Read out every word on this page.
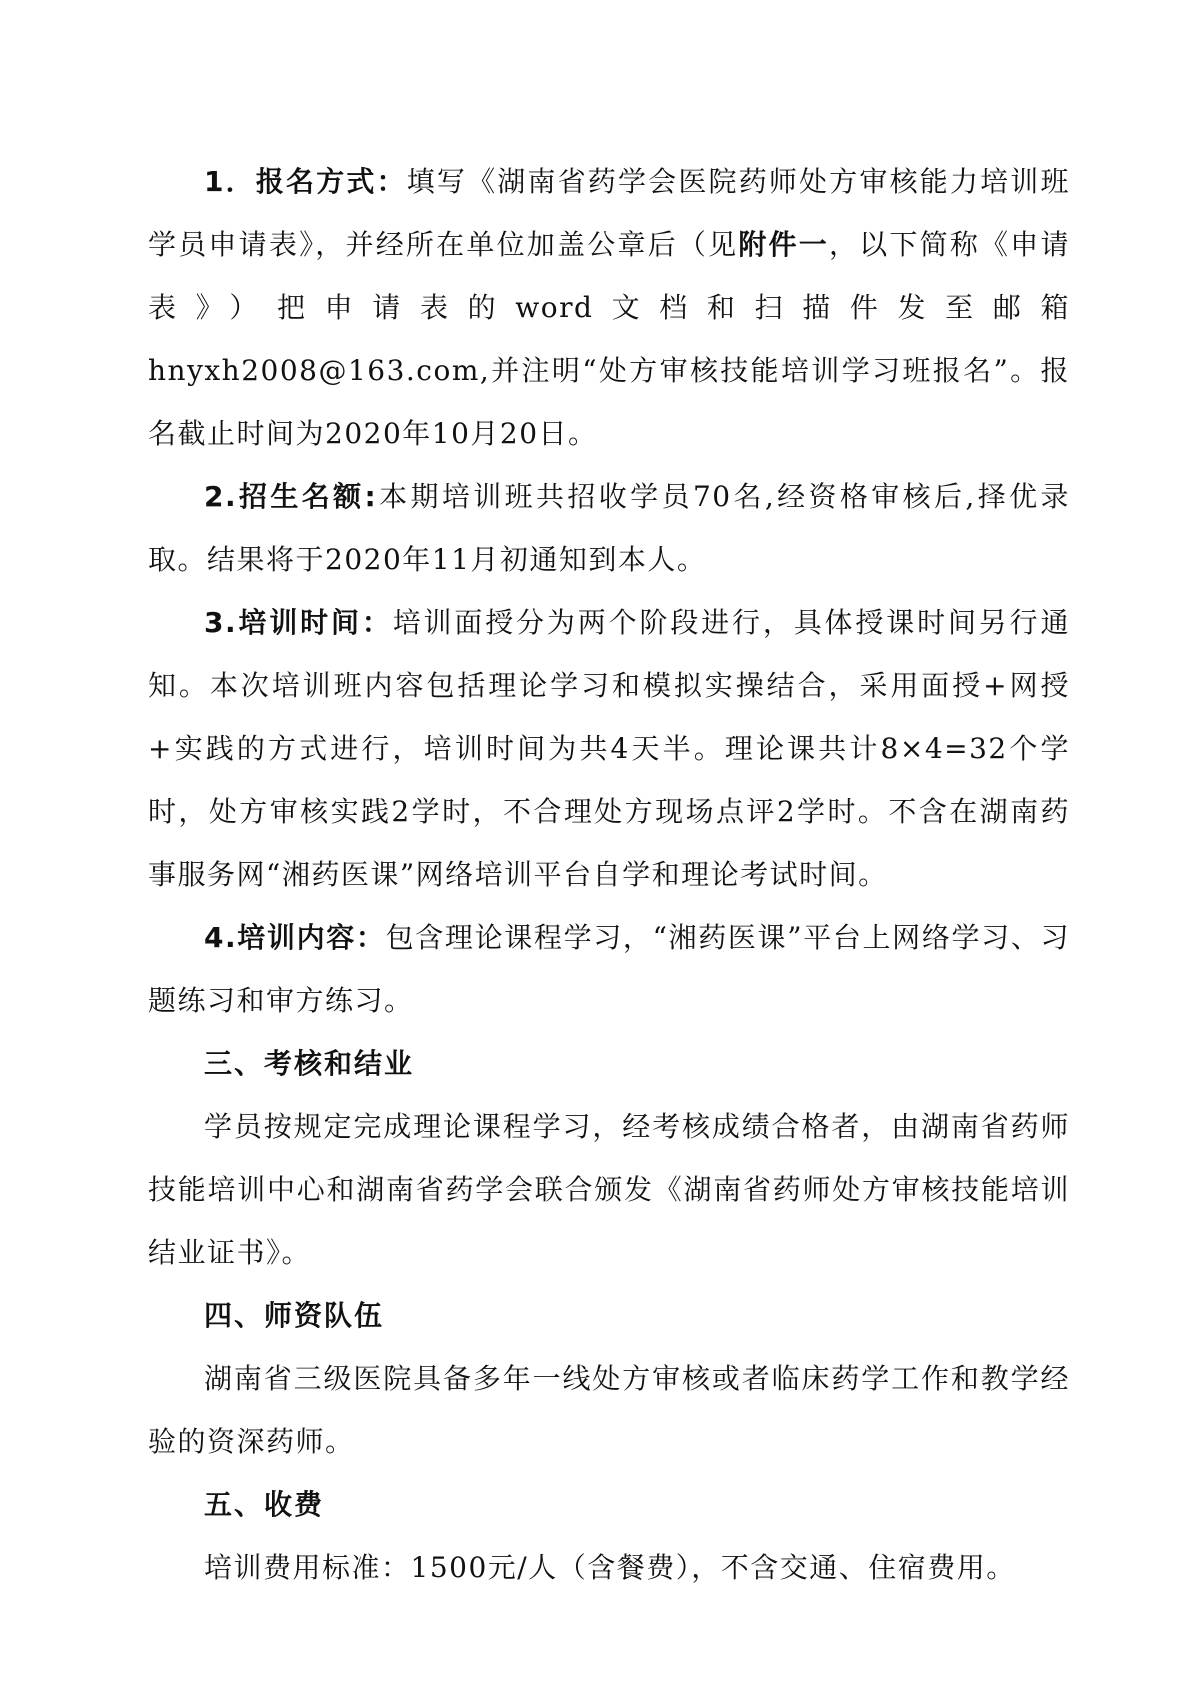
1．报名方式：填写《湖南省药学会医院药师处方审核能力培训班学员申请表》，并经所在单位加盖公章后（见附件一，以下简称《申请表》）把申请表的word文档和扫描件发至邮箱hnyxh2008@163.com,并注明“处方审核技能培训学习班报名”。报名截止时间为2020年10月20日。

2.招生名额:本期培训班共招收学员70名,经资格审核后,择优录取。结果将于2020年11月初通知到本人。

3.培训时间：培训面授分为两个阶段进行，具体授课时间另行通知。本次培训班内容包括理论学习和模拟实操结合，采用面授+网授+实践的方式进行，培训时间为共4天半。理论课共计8×4=32个学时，处方审核实践2学时，不合理处方现场点评2学时。不含在湖南药事服务网“湘药医课”网络培训平台自学和理论考试时间。

4.培训内容：包含理论课程学习，“湘药医课”平台上网络学习、习题练习和审方练习。

三、考核和结业

学员按规定完成理论课程学习，经考核成绩合格者，由湖南省药师技能培训中心和湖南省药学会联合颁发《湖南省药师处方审核技能培训结业证书》。

四、师资队伍

湖南省三级医院具备多年一线处方审核或者临床药学工作和教学经验的资深药师。

五、收费

培训费用标准：1500元/人（含餐费），不含交通、住宿费用。
